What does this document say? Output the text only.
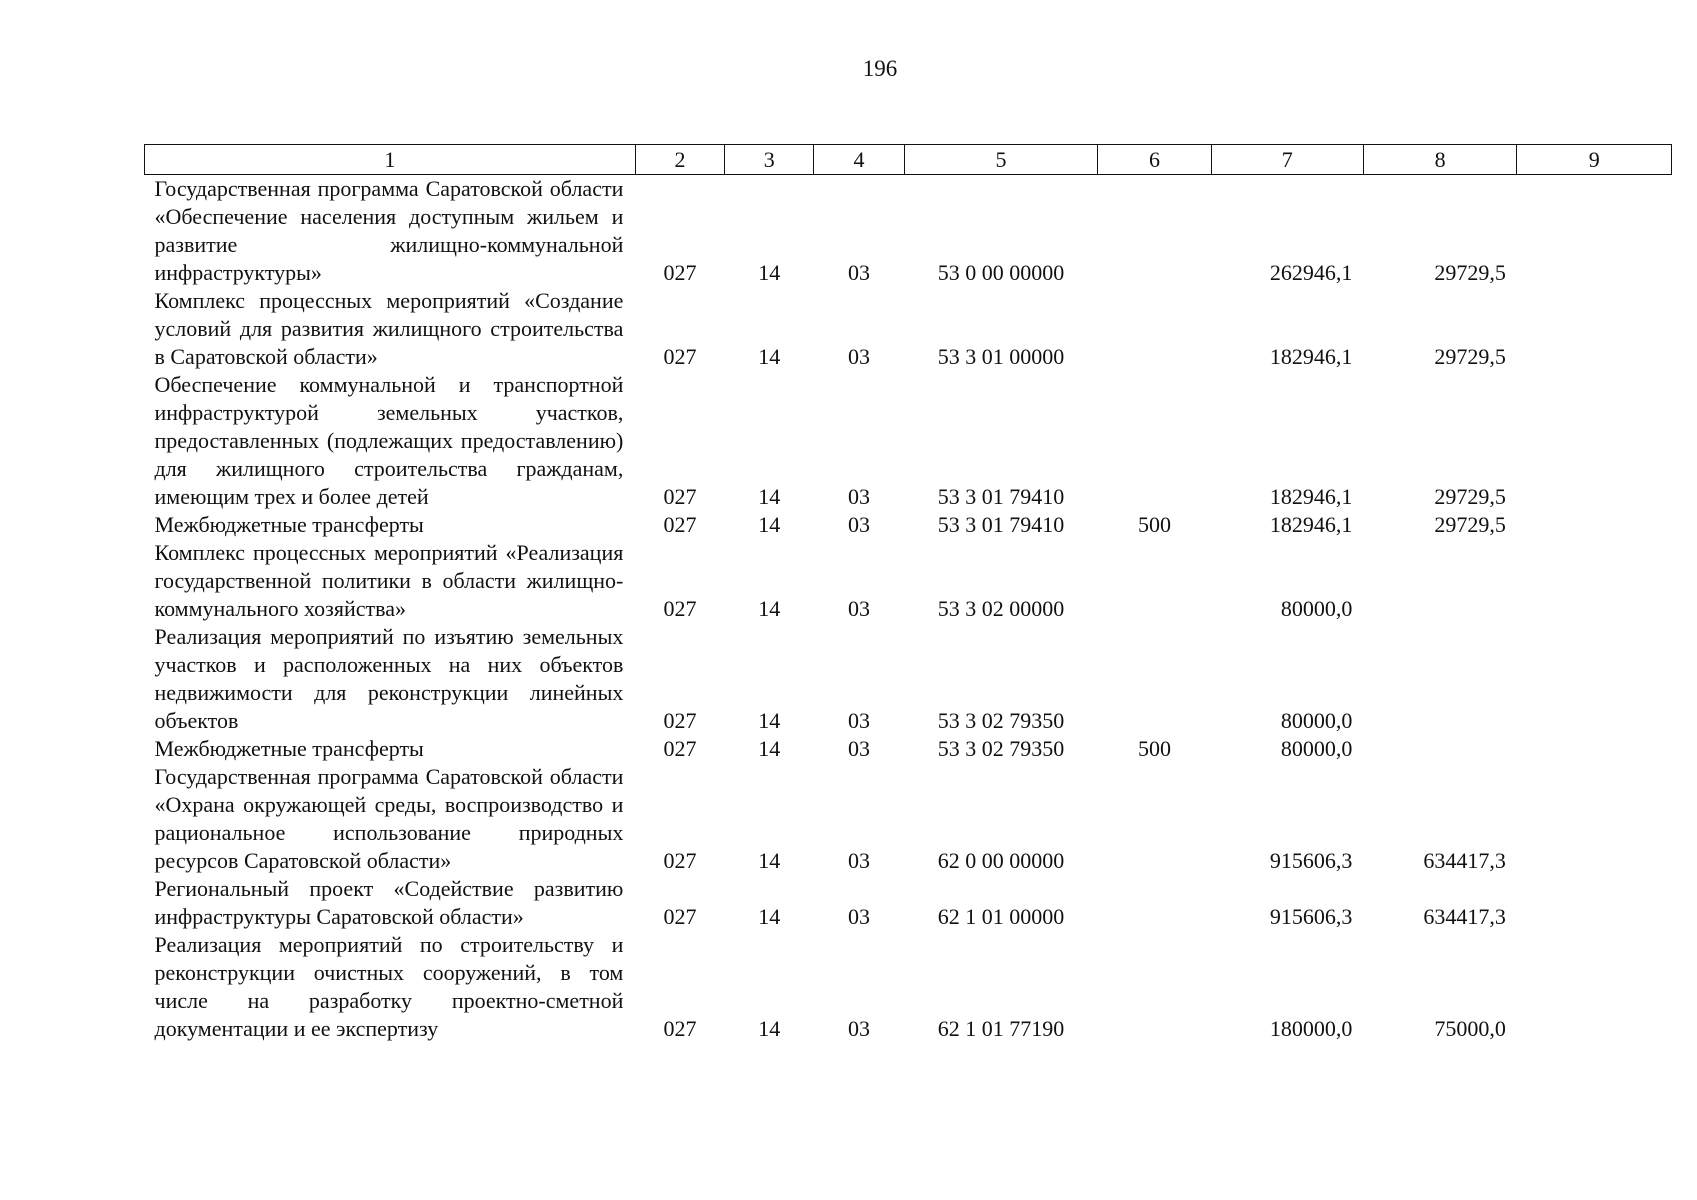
196
1	2	3	4	5	6	7	8	9
Государственная программа Саратовской области «Обеспечение населения доступным жильем и развитие жилищно-коммунальной инфраструктуры»	027	14	03	53 0 00 00000		262946,1	29729,5	
Комплекс процессных мероприятий «Создание условий для развития жилищного строительства в Саратовской области»	027	14	03	53 3 01 00000		182946,1	29729,5	
Обеспечение коммунальной и транспортной инфраструктурой земельных участков, предоставленных (подлежащих предоставлению) для жилищного строительства гражданам, имеющим трех и более детей	027	14	03	53 3 01 79410		182946,1	29729,5	
Межбюджетные трансферты	027	14	03	53 3 01 79410	500	182946,1	29729,5	
Комплекс процессных мероприятий «Реализация государственной политики в области жилищно-коммунального хозяйства»	027	14	03	53 3 02 00000		80000,0		
Реализация мероприятий по изъятию земельных участков и расположенных на них объектов недвижимости для реконструкции линейных объектов	027	14	03	53 3 02 79350		80000,0		
Межбюджетные трансферты	027	14	03	53 3 02 79350	500	80000,0		
Государственная программа Саратовской области «Охрана окружающей среды, воспроизводство и рациональное использование природных ресурсов Саратовской области»	027	14	03	62 0 00 00000		915606,3	634417,3	
Региональный проект «Содействие развитию инфраструктуры Саратовской области»	027	14	03	62 1 01 00000		915606,3	634417,3	
Реализация мероприятий по строительству и реконструкции очистных сооружений, в том числе на разработку проектно-сметной документации и ее экспертизу	027	14	03	62 1 01 77190		180000,0	75000,0	
